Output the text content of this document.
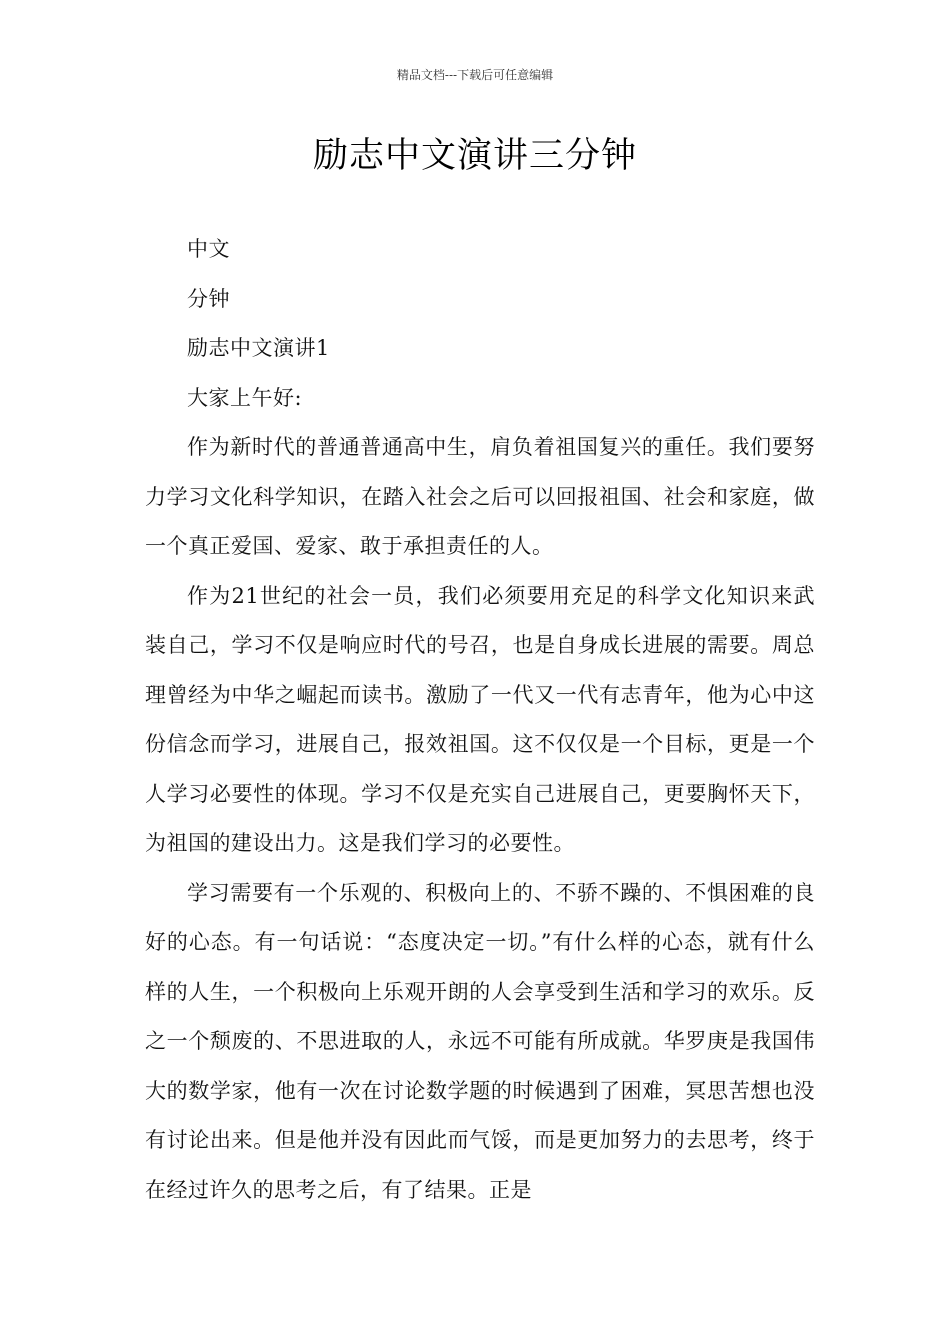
精品文档---下载后可任意编辑
励志中文演讲三分钟

中文

分钟

励志中文演讲1

大家上午好:

作为新时代的普通普通高中生，肩负着祖国复兴的重任。我们要努力学习文化科学知识，在踏入社会之后可以回报祖国、社会和家庭，做一个真正爱国、爱家、敢于承担责任的人。

作为21世纪的社会一员，我们必须要用充足的科学文化知识来武装自己，学习不仅是响应时代的号召，也是自身成长进展的需要。周总理曾经为中华之崛起而读书。激励了一代又一代有志青年，他为心中这份信念而学习，进展自己，报效祖国。这不仅仅是一个目标，更是一个人学习必要性的体现。学习不仅是充实自己进展自己，更要胸怀天下，为祖国的建设出力。这是我们学习的必要性。

学习需要有一个乐观的、积极向上的、不骄不躁的、不惧困难的良好的心态。有一句话说：“态度决定一切。”有什么样的心态，就有什么样的人生，一个积极向上乐观开朗的人会享受到生活和学习的欢乐。反之一个颓废的、不思进取的人，永远不可能有所成就。华罗庚是我国伟大的数学家，他有一次在讨论数学题的时候遇到了困难，冥思苦想也没有讨论出来。但是他并没有因此而气馁，而是更加努力的去思考，终于在经过许久的思考之后，有了结果。正是
